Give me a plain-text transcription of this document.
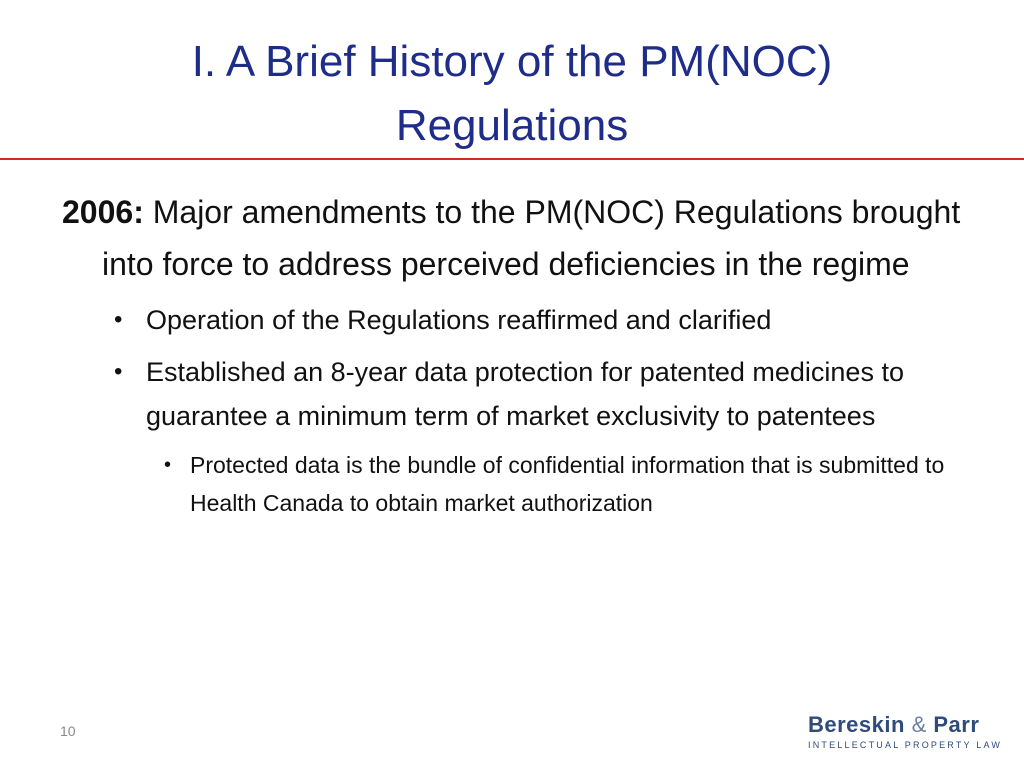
I. A Brief History of the PM(NOC)
Regulations

2006: Major amendments to the PM(NOC) Regulations brought into force to address perceived deficiencies in the regime

• Operation of the Regulations reaffirmed and clarified
• Established an 8-year data protection for patented medicines to guarantee a minimum term of market exclusivity to patentees
• Protected data is the bundle of confidential information that is submitted to Health Canada to obtain market authorization
10	Bereskin & Parr
INTELLECTUAL PROPERTY LAW
